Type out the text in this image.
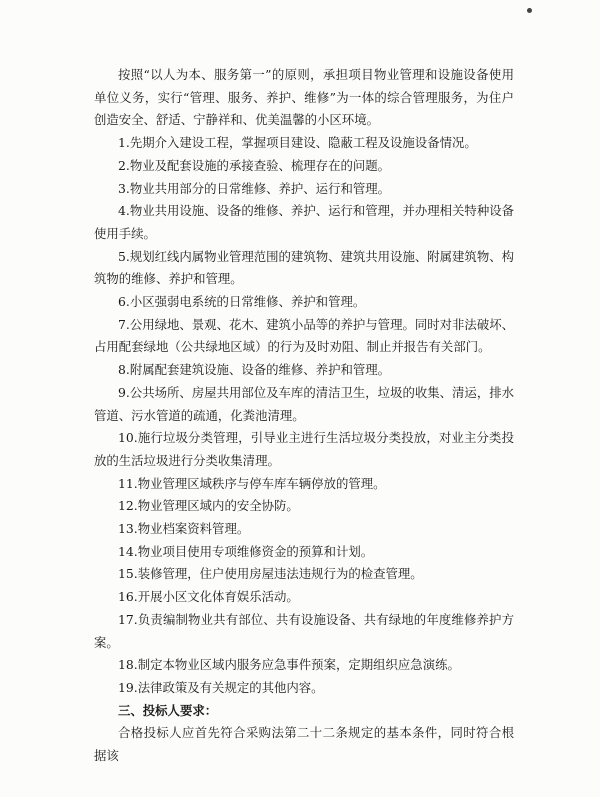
按照“以人为本、服务第一”的原则，承担项目物业管理和设施设备使用单位义务，实行“管理、服务、养护、维修”为一体的综合管理服务，为住户创造安全、舒适、宁静祥和、优美温馨的小区环境。

1.先期介入建设工程，掌握项目建设、隐蔽工程及设施设备情况。

2.物业及配套设施的承接查验、梳理存在的问题。

3.物业共用部分的日常维修、养护、运行和管理。

4.物业共用设施、设备的维修、养护、运行和管理，并办理相关特种设备使用手续。

5.规划红线内属物业管理范围的建筑物、建筑共用设施、附属建筑物、构筑物的维修、养护和管理。

6.小区强弱电系统的日常维修、养护和管理。

7.公用绿地、景观、花木、建筑小品等的养护与管理。同时对非法破坏、占用配套绿地（公共绿地区域）的行为及时劝阻、制止并报告有关部门。

8.附属配套建筑设施、设备的维修、养护和管理。

9.公共场所、房屋共用部位及车库的清洁卫生，垃圾的收集、清运，排水管道、污水管道的疏通，化粪池清理。

10.施行垃圾分类管理，引导业主进行生活垃圾分类投放，对业主分类投放的生活垃圾进行分类收集清理。

11.物业管理区域秩序与停车库车辆停放的管理。

12.物业管理区域内的安全协防。

13.物业档案资料管理。

14.物业项目使用专项维修资金的预算和计划。

15.装修管理，住户使用房屋违法违规行为的检查管理。

16.开展小区文化体育娱乐活动。

17.负责编制物业共有部位、共有设施设备、共有绿地的年度维修养护方案。

18.制定本物业区域内服务应急事件预案，定期组织应急演练。

19.法律政策及有关规定的其他内容。

三、投标人要求：

合格投标人应首先符合采购法第二十二条规定的基本条件，同时符合根据该
